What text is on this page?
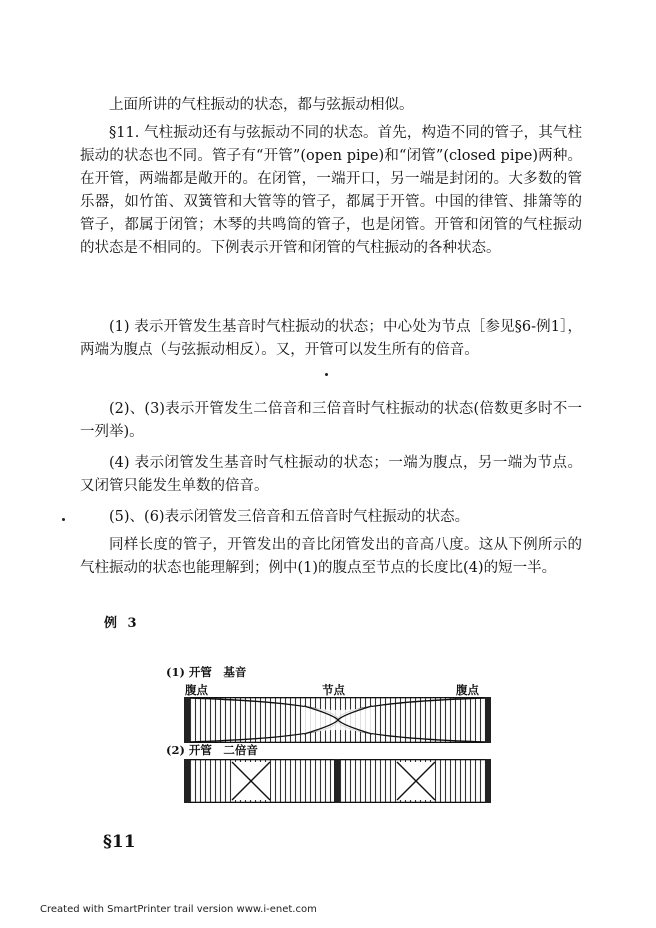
上面所讲的气柱振动的状态，都与弦振动相似。

§11. 气柱振动还有与弦振动不同的状态。首先，构造不同的管子，其气柱振动的状态也不同。管子有“开管”(open pipe)和“闭管”(closed pipe)两种。在开管，两端都是敞开的。在闭管，一端开口，另一端是封闭的。大多数的管乐器，如竹笛、双簧管和大管等的管子，都属于开管。中国的律管、排箫等的管子，都属于闭管；木琴的共鸣筒的管子，也是闭管。开管和闭管的气柱振动的状态是不相同的。下例表示开管和闭管的气柱振动的各种状态。

(1) 表示开管发生基音时气柱振动的状态；中心处为节点［参见§6-例1］，两端为腹点（与弦振动相反）。又，开管可以发生所有的倍音。

(2)、(3)表示开管发生二倍音和三倍音时气柱振动的状态(倍数更多时不一一列举)。

(4) 表示闭管发生基音时气柱振动的状态；一端为腹点，另一端为节点。又闭管只能发生单数的倍音。

(5)、(6)表示闭管发三倍音和五倍音时气柱振动的状态。

同样长度的管子，开管发出的音比闭管发出的音高八度。这从下例所示的气柱振动的状态也能理解到；例中(1)的腹点至节点的长度比(4)的短一半。

例 3
(1) 开管　基音
腹点	节点	腹点
(2) 开管　二倍音
§11
Created with SmartPrinter trail version www.i-enet.com
